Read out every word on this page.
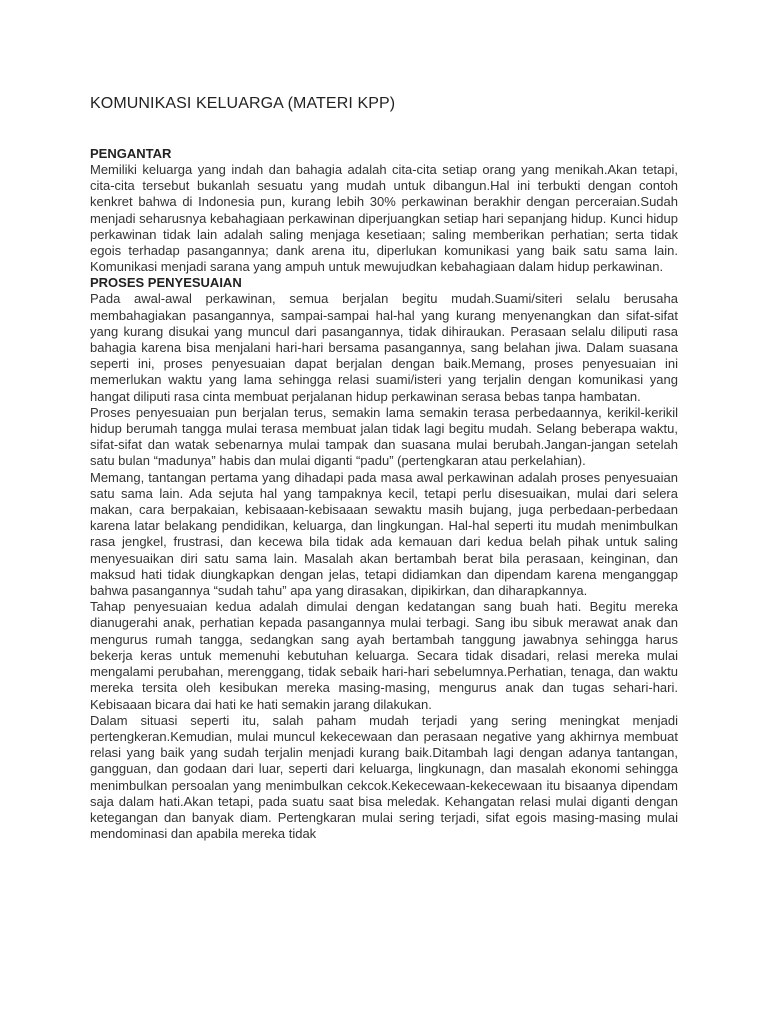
KOMUNIKASI KELUARGA (MATERI KPP)
PENGANTAR

Memiliki keluarga yang indah dan bahagia adalah cita-cita setiap orang yang menikah.Akan tetapi, cita-cita tersebut bukanlah sesuatu yang mudah untuk dibangun.Hal ini terbukti dengan contoh kenkret bahwa di Indonesia pun, kurang lebih 30% perkawinan berakhir dengan perceraian.Sudah menjadi seharusnya kebahagiaan perkawinan diperjuangkan setiap hari sepanjang hidup. Kunci hidup perkawinan tidak lain adalah saling menjaga kesetiaan; saling memberikan perhatian; serta tidak egois terhadap pasangannya; dank arena itu, diperlukan komunikasi yang baik satu sama lain. Komunikasi menjadi sarana yang ampuh untuk mewujudkan kebahagiaan dalam hidup perkawinan.

PROSES PENYESUAIAN

Pada awal-awal perkawinan, semua berjalan begitu mudah.Suami/siteri selalu berusaha membahagiakan pasangannya, sampai-sampai hal-hal yang kurang menyenangkan dan sifat-sifat yang kurang disukai yang muncul dari pasangannya, tidak dihiraukan. Perasaan selalu diliputi rasa bahagia karena bisa menjalani hari-hari bersama pasangannya, sang belahan jiwa. Dalam suasana seperti ini, proses penyesuaian dapat berjalan dengan baik.Memang, proses penyesuaian ini memerlukan waktu yang lama sehingga relasi suami/isteri yang terjalin dengan komunikasi yang hangat diliputi rasa cinta membuat perjalanan hidup perkawinan serasa bebas tanpa hambatan.

Proses penyesuaian pun berjalan terus, semakin lama semakin terasa perbedaannya, kerikil-kerikil hidup berumah tangga mulai terasa membuat jalan tidak lagi begitu mudah. Selang beberapa waktu, sifat-sifat dan watak sebenarnya mulai tampak dan suasana mulai berubah.Jangan-jangan setelah satu bulan “madunya” habis dan mulai diganti “padu” (pertengkaran atau perkelahian).

Memang, tantangan pertama yang dihadapi pada masa awal perkawinan adalah proses penyesuaian satu sama lain. Ada sejuta hal yang tampaknya kecil, tetapi perlu disesuaikan, mulai dari selera makan, cara berpakaian, kebisaaan-kebisaaan sewaktu masih bujang, juga perbedaan-perbedaan karena latar belakang pendidikan, keluarga, dan lingkungan. Hal-hal seperti itu mudah menimbulkan rasa jengkel, frustrasi, dan kecewa bila tidak ada kemauan dari kedua belah pihak untuk saling menyesuaikan diri satu sama lain. Masalah akan bertambah berat bila perasaan, keinginan, dan maksud hati tidak diungkapkan dengan jelas, tetapi didiamkan dan dipendam karena menganggap bahwa pasangannya “sudah tahu” apa yang dirasakan, dipikirkan, dan diharapkannya.

Tahap penyesuaian kedua adalah dimulai dengan kedatangan sang buah hati. Begitu mereka dianugerahi anak, perhatian kepada pasangannya mulai terbagi. Sang ibu sibuk merawat anak dan mengurus rumah tangga, sedangkan sang ayah bertambah tanggung jawabnya sehingga harus bekerja keras untuk memenuhi kebutuhan keluarga. Secara tidak disadari, relasi mereka mulai mengalami perubahan, merenggang, tidak sebaik hari-hari sebelumnya.Perhatian, tenaga, dan waktu mereka tersita oleh kesibukan mereka masing-masing, mengurus anak dan tugas sehari-hari. Kebisaaan bicara dai hati ke hati semakin jarang dilakukan.

Dalam situasi seperti itu, salah paham mudah terjadi yang sering meningkat menjadi pertengkeran.Kemudian, mulai muncul kekecewaan dan perasaan negative yang akhirnya membuat relasi yang baik yang sudah terjalin menjadi kurang baik.Ditambah lagi dengan adanya tantangan, gangguan, dan godaan dari luar, seperti dari keluarga, lingkunagn, dan masalah ekonomi sehingga menimbulkan persoalan yang menimbulkan cekcok.Kekecewaan-kekecewaan itu bisaanya dipendam saja dalam hati.Akan tetapi, pada suatu saat bisa meledak. Kehangatan relasi mulai diganti dengan ketegangan dan banyak diam. Pertengkaran mulai sering terjadi, sifat egois masing-masing mulai mendominasi dan apabila mereka tidak
